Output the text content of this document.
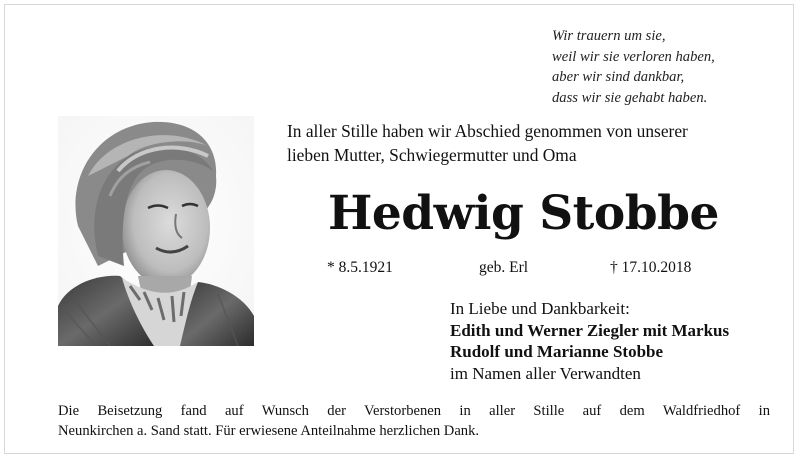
Wir trauern um sie,
weil wir sie verloren haben,
aber wir sind dankbar,
dass wir sie gehabt haben.
In aller Stille haben wir Abschied genommen von unserer
lieben Mutter, Schwiegermutter und Oma
Hedwig Stobbe
* 8.5.1921	geb. Erl	† 17.10.2018
In Liebe und Dankbarkeit:
Edith und Werner Ziegler mit Markus
Rudolf und Marianne Stobbe
im Namen aller Verwandten
Die Beisetzung fand auf Wunsch der Verstorbenen in aller Stille auf dem Waldfriedhof in
Neunkirchen a. Sand statt. Für erwiesene Anteilnahme herzlichen Dank.
